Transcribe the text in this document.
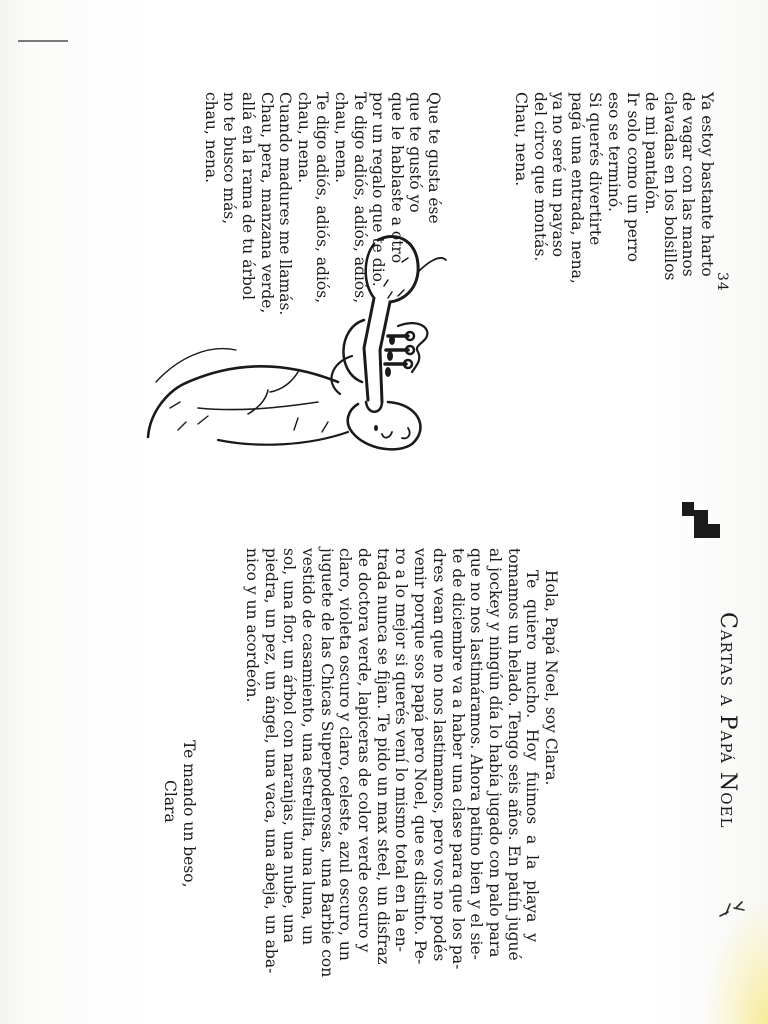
34
Ya estoy bastante harto
de vagar con las manos
clavadas en los bolsillos
de mi pantalón.
Ir solo como un perro
eso se terminó.
Si querés divertirte
pagá una entrada, nena,
ya no seré un payaso
del circo que montás.
Chau, nena.
Que te gusta ése
que te gustó yo
que le hablaste a otro
por un regalo que te dio.
Te digo adiós, adiós, adiós,
chau, nena.
Te digo adiós, adiós, adiós,
chau, nena.
Cuando madures me llamás.
Chau, pera, manzana verde,
allá en la rama de tu árbol
no te busco más,
chau, nena.
Cartas a Papá Noel
Hola, Papá Noel, soy Clara.
Te quiero mucho. Hoy fuimos a la playa y
tomamos un helado. Tengo seis años. En patín jugué
al jockey y ningún día lo había jugado con palo para
que no nos lastimáramos. Ahora patino bien y el sie-
te de diciembre va a haber una clase para que los pa-
dres vean que no nos lastimamos, pero vos no podés
venir porque sos papá pero Noel, que es distinto. Pe-
ro a lo mejor si querés vení lo mismo total en la en-
trada nunca se fijan. Te pido un max steel, un disfraz
de doctora verde, lapiceras de color verde oscuro y
claro, violeta oscuro y claro, celeste, azul oscuro, un
juguete de las Chicas Superpoderosas, una Barbie con
vestido de casamiento, una estrellita, una luna, un
sol, una flor, un árbol con naranjas, una nube, una
piedra, un pez, un ángel, una vaca, una abeja, un aba-
nico y un acordeón.
Te mando un beso,
Clara
